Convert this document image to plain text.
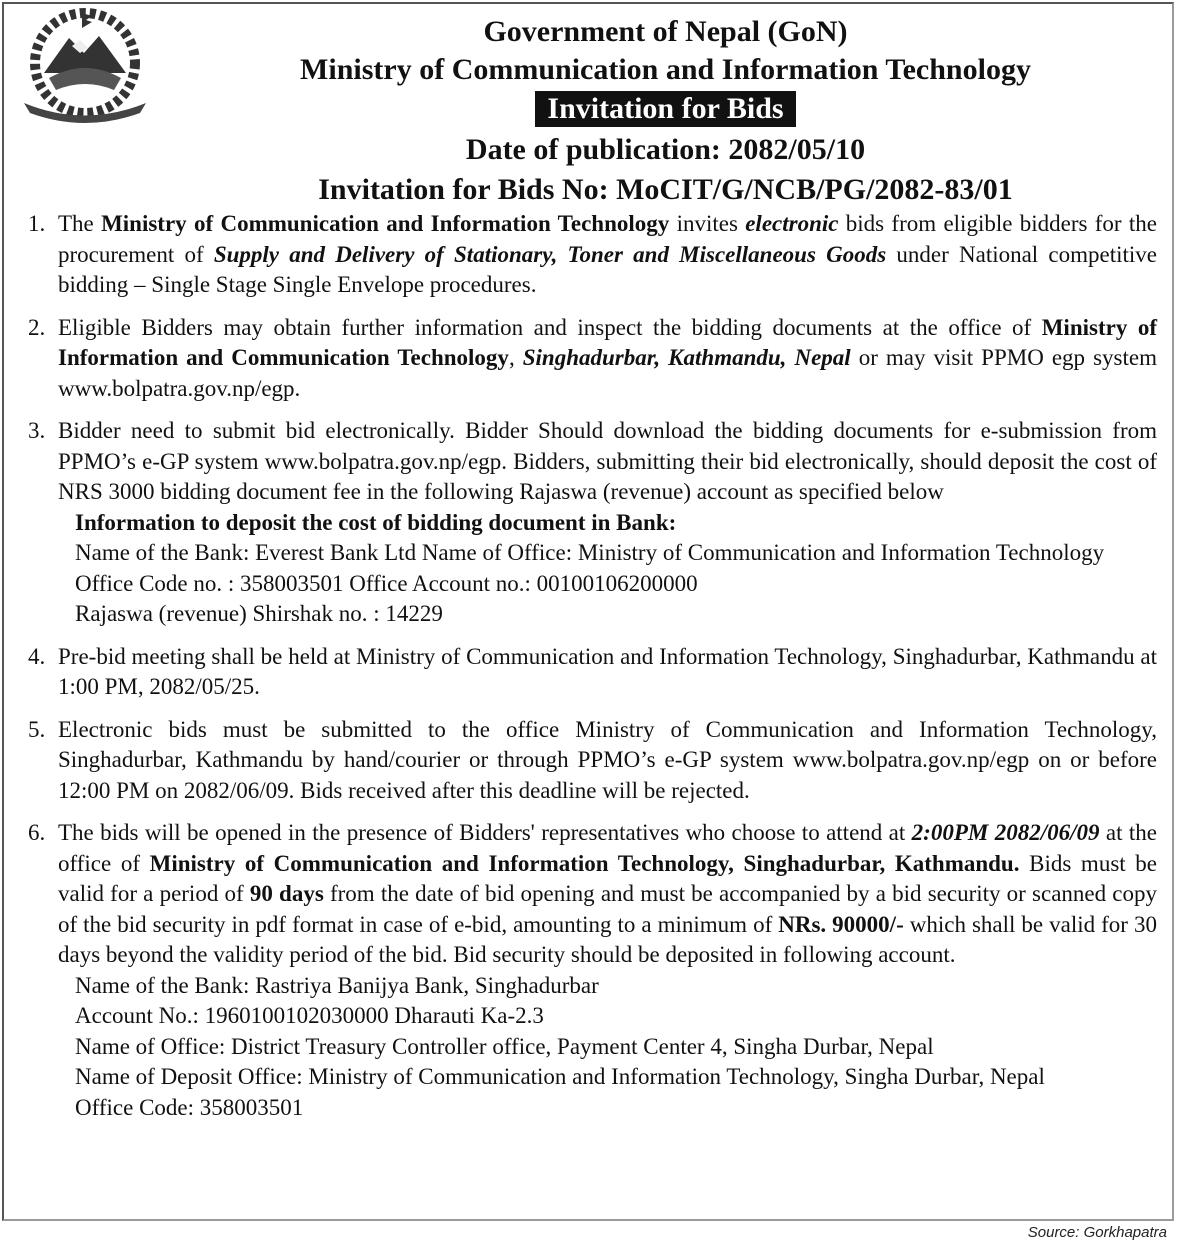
Government of Nepal (GoN)
Ministry of Communication and Information Technology
Invitation for Bids
Date of publication: 2082/05/10
Invitation for Bids No: MoCIT/G/NCB/PG/2082-83/01
1. The Ministry of Communication and Information Technology invites electronic bids from eligible bidders for the procurement of Supply and Delivery of Stationary, Toner and Miscellaneous Goods under National competitive bidding – Single Stage Single Envelope procedures.
2. Eligible Bidders may obtain further information and inspect the bidding documents at the office of Ministry of Information and Communication Technology, Singhadurbar, Kathmandu, Nepal or may visit PPMO egp system www.bolpatra.gov.np/egp.
3. Bidder need to submit bid electronically. Bidder Should download the bidding documents for e-submission from PPMO’s e-GP system www.bolpatra.gov.np/egp. Bidders, submitting their bid electronically, should deposit the cost of NRS 3000 bidding document fee in the following Rajaswa (revenue) account as specified below
Information to deposit the cost of bidding document in Bank:
Name of the Bank: Everest Bank Ltd Name of Office: Ministry of Communication and Information Technology
Office Code no. : 358003501 Office Account no.: 00100106200000
Rajaswa (revenue) Shirshak no. : 14229
4. Pre-bid meeting shall be held at Ministry of Communication and Information Technology, Singhadurbar, Kathmandu at 1:00 PM, 2082/05/25.
5. Electronic bids must be submitted to the office Ministry of Communication and Information Technology, Singhadurbar, Kathmandu by hand/courier or through PPMO’s e-GP system www.bolpatra.gov.np/egp on or before 12:00 PM on 2082/06/09. Bids received after this deadline will be rejected.
6. The bids will be opened in the presence of Bidders' representatives who choose to attend at 2:00PM 2082/06/09 at the office of Ministry of Communication and Information Technology, Singhadurbar, Kathmandu. Bids must be valid for a period of 90 days from the date of bid opening and must be accompanied by a bid security or scanned copy of the bid security in pdf format in case of e-bid, amounting to a minimum of NRs. 90000/- which shall be valid for 30 days beyond the validity period of the bid. Bid security should be deposited in following account.
Name of the Bank: Rastriya Banijya Bank, Singhadurbar
Account No.: 1960100102030000 Dharauti Ka-2.3
Name of Office: District Treasury Controller office, Payment Center 4, Singha Durbar, Nepal
Name of Deposit Office: Ministry of Communication and Information Technology, Singha Durbar, Nepal
Office Code: 358003501
Source: Gorkhapatra
